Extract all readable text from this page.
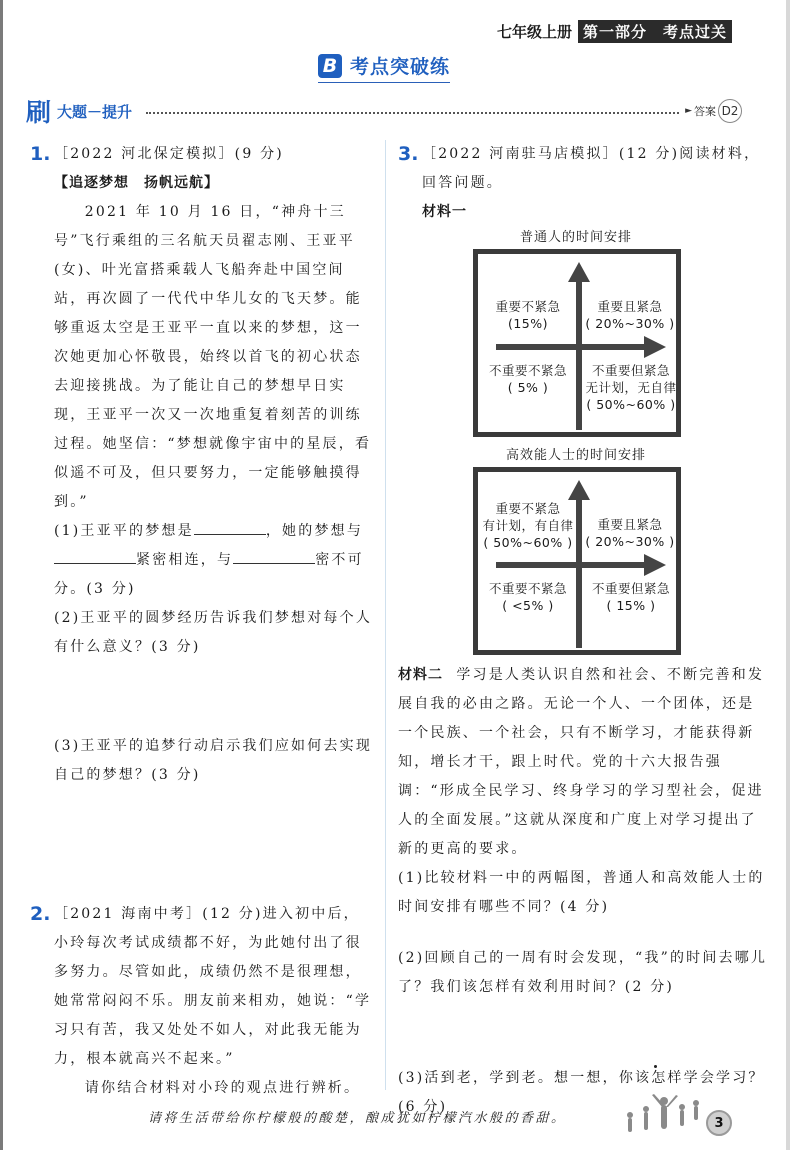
七年级上册 第一部分　考点过关
B 考点突破练
刷 大题－提升	► 答案 D2
1. ［2022 河北保定模拟］(9 分)
【追逐梦想　扬帆远航】
2021 年 10 月 16 日，“神舟十三号”飞行乘组的三名航天员翟志刚、王亚平(女)、叶光富搭乘载人飞船奔赴中国空间站，再次圆了一代代中华儿女的飞天梦。能够重返太空是王亚平一直以来的梦想，这一次她更加心怀敬畏，始终以首飞的初心状态去迎接挑战。为了能让自己的梦想早日实现，王亚平一次又一次地重复着刻苦的训练过程。她坚信：“梦想就像宇宙中的星辰，看似遥不可及，但只要努力，一定能够触摸得到。”
(1)王亚平的梦想是	，她的梦想与紧密相连，与	密不可分。(3 分)
(2)王亚平的圆梦经历告诉我们梦想对每个人有什么意义？(3 分)
(3)王亚平的追梦行动启示我们应如何去实现自己的梦想？(3 分)
2. ［2021 海南中考］(12 分)进入初中后，小玲每次考试成绩都不好，为此她付出了很多努力。尽管如此，成绩仍然不是很理想，她常常闷闷不乐。朋友前来相劝，她说：“学习只有苦，我又处处不如人，对此我无能为力，根本就高兴不起来。”
请你结合材料对小玲的观点进行辨析。
3. ［2022 河南驻马店模拟］(12 分)阅读材料，回答问题。
材料一
普通人的时间安排
重要不紧急
(15%)
重要且紧急
( 20%~30% )
不重要不紧急
( 5% )
不重要但紧急
无计划，无自律
( 50%~60% )
高效能人士的时间安排
重要不紧急
有计划，有自律
( 50%~60% )
重要且紧急
( 20%~30% )
不重要不紧急
( <5% )
不重要但紧急
( 15% )
材料二 学习是人类认识自然和社会、不断完善和发展自我的必由之路。无论一个人、一个团体，还是一个民族、一个社会，只有不断学习，才能获得新知，增长才干，跟上时代。党的十六大报告强调：“形成全民学习、终身学习的学习型社会，促进人的全面发展。”这就从深度和广度上对学习提出了新的更高的要求。
(1)比较材料一中的两幅图，普通人和高效能人士的时间安排有哪些不同？(4 分)
(2)回顾自己的一周有时会发现，“我”的时间去哪儿了？我们该怎样有效利用时间？(2 分)
(3)活到老，学到老。想一想，你该怎样学会学习？(6 分)
请将生活带给你柠檬般的酸楚，酿成犹如柠檬汽水般的香甜。	3
